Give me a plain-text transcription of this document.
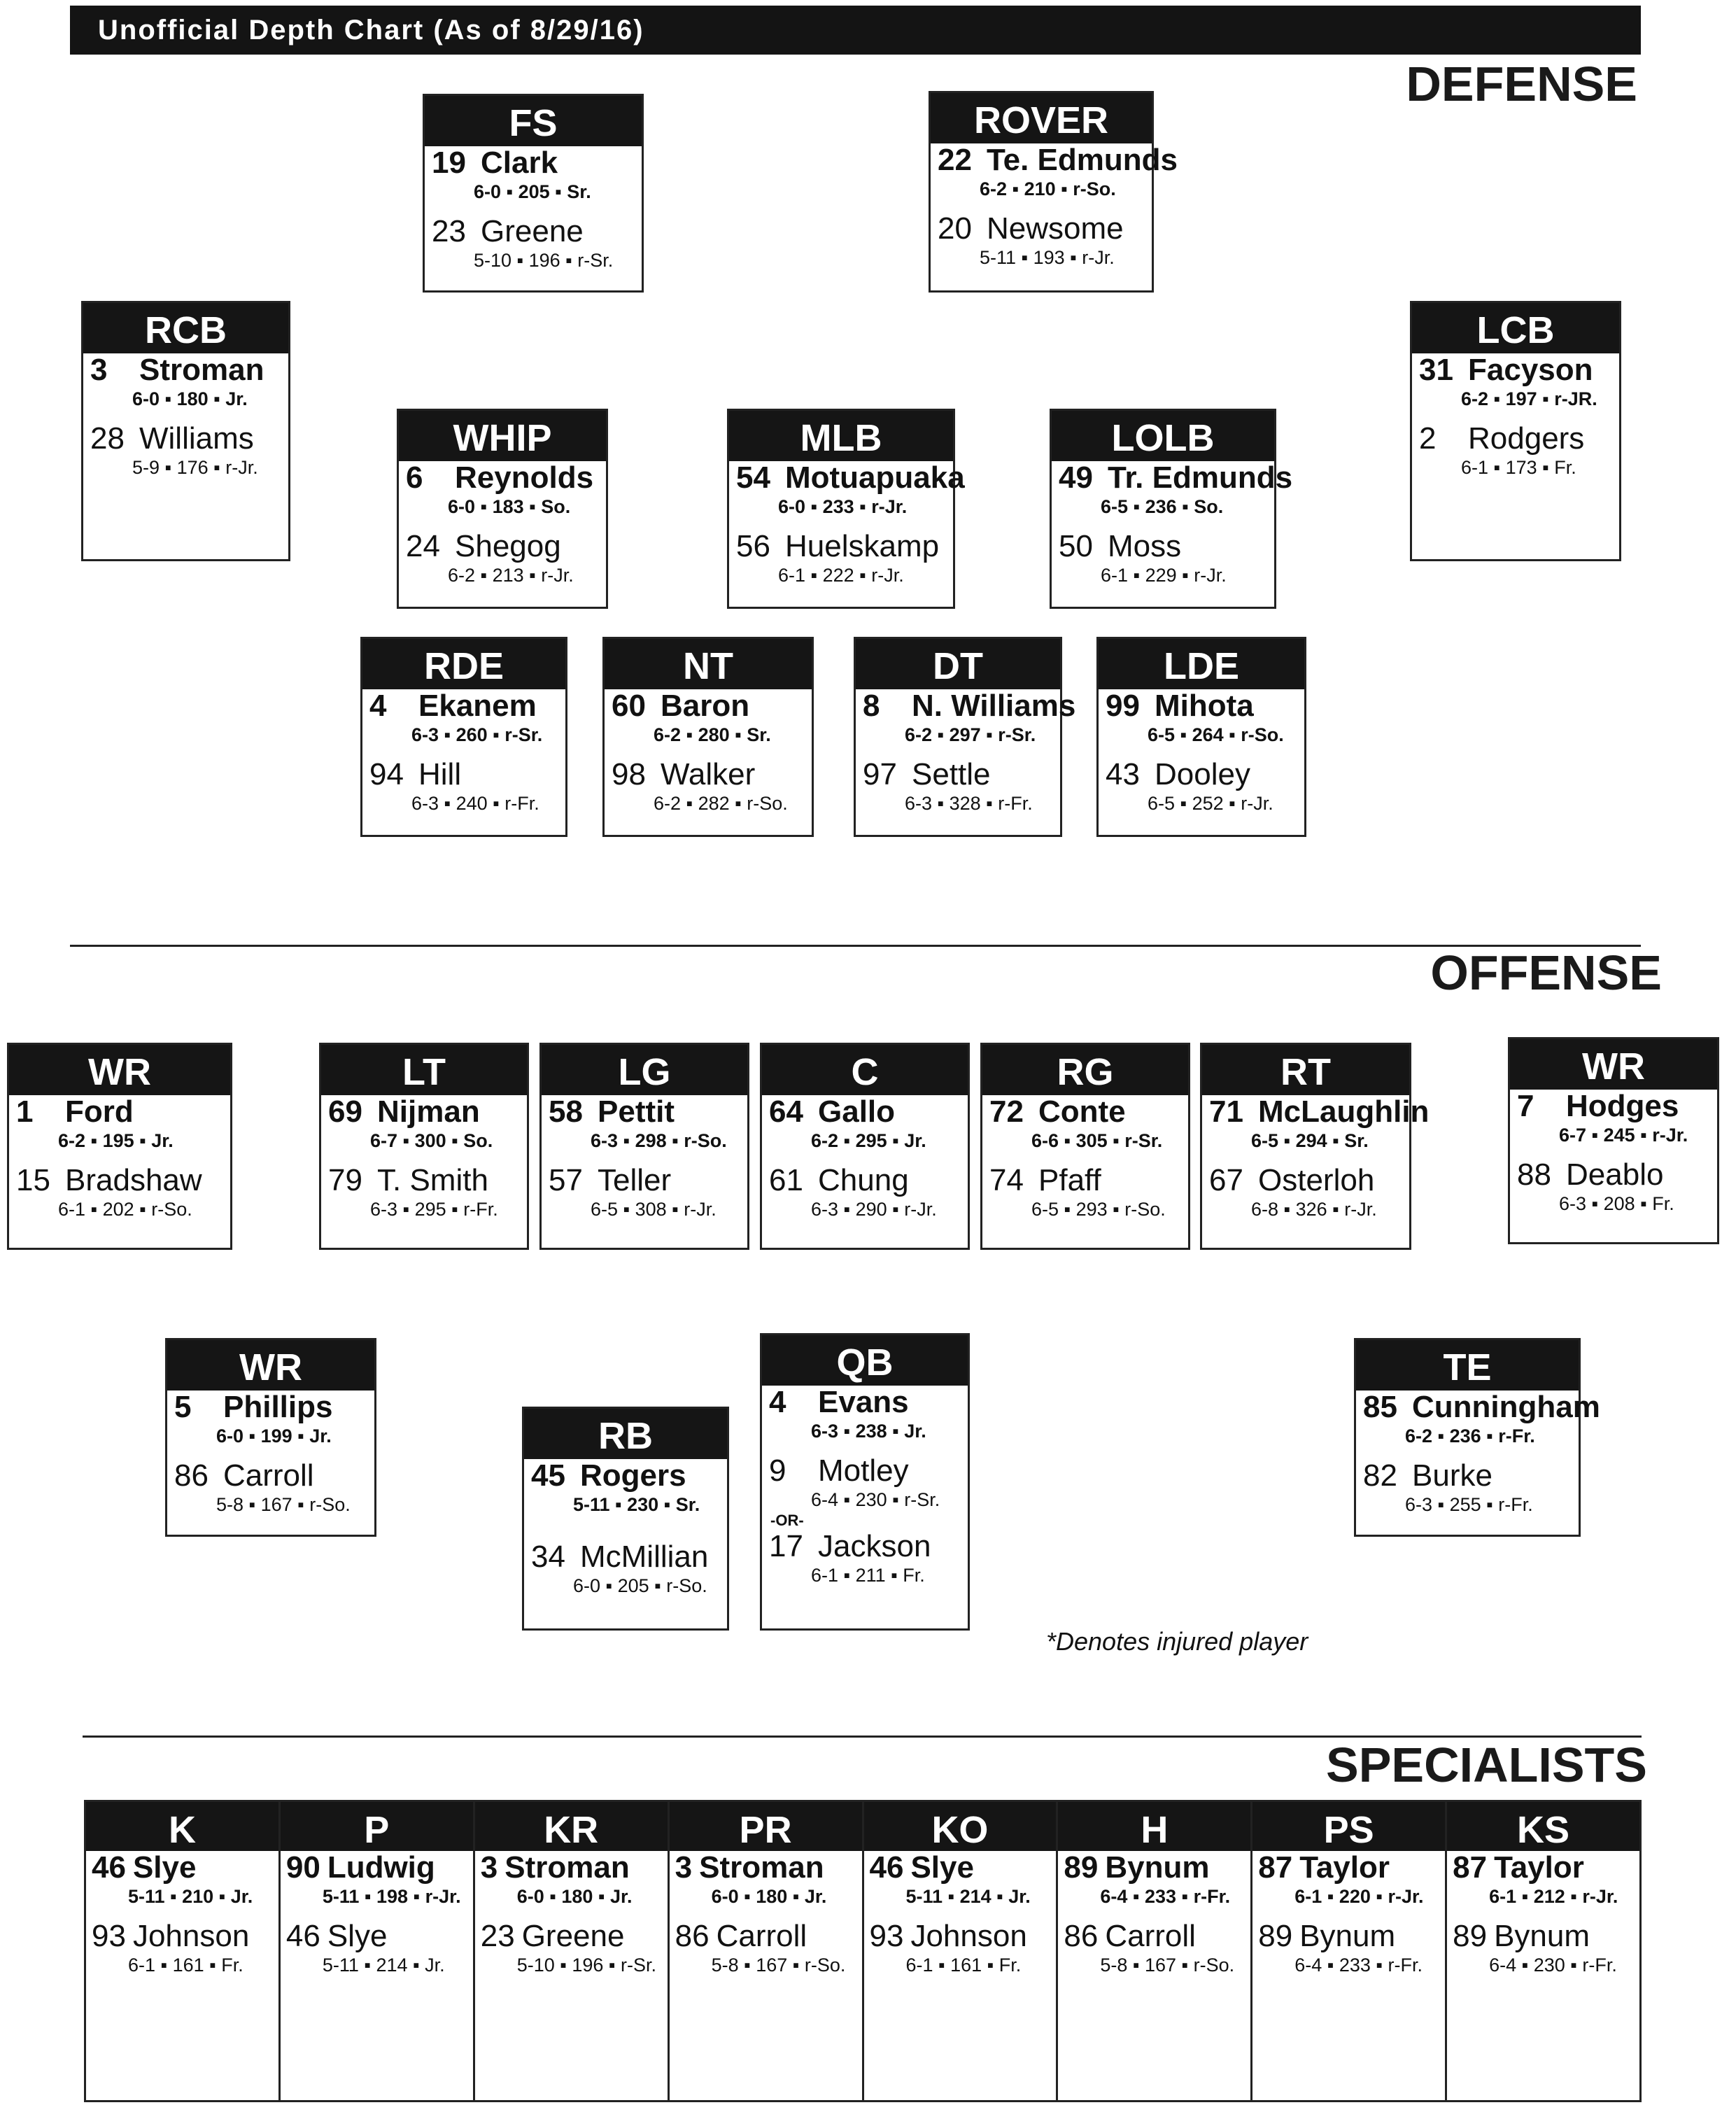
Unofficial Depth Chart (As of 8/29/16)
DEFENSE
FS
19 Clark
6-0 ▪ 205 ▪ Sr.
23 Greene
5-10 ▪ 196 ▪ r-Sr.
ROVER
22 Te. Edmunds
6-2 ▪ 210 ▪ r-So.
20 Newsome
5-11 ▪ 193 ▪ r-Jr.
RCB
3 Stroman
6-0 ▪ 180 ▪ Jr.
28 Williams
5-9 ▪ 176 ▪ r-Jr.
LCB
31 Facyson
6-2 ▪ 197 ▪ r-JR.
2 Rodgers
6-1 ▪ 173 ▪ Fr.
WHIP
6 Reynolds
6-0 ▪ 183 ▪ So.
24 Shegog
6-2 ▪ 213 ▪ r-Jr.
MLB
54 Motuapuaka
6-0 ▪ 233 ▪ r-Jr.
56 Huelskamp
6-1 ▪ 222 ▪ r-Jr.
LOLB
49 Tr. Edmunds
6-5 ▪ 236 ▪ So.
50 Moss
6-1 ▪ 229 ▪ r-Jr.
RDE
4 Ekanem
6-3 ▪ 260 ▪ r-Sr.
94 Hill
6-3 ▪ 240 ▪ r-Fr.
NT
60 Baron
6-2 ▪ 280 ▪ Sr.
98 Walker
6-2 ▪ 282 ▪ r-So.
DT
8 N. Williams
6-2 ▪ 297 ▪ r-Sr.
97 Settle
6-3 ▪ 328 ▪ r-Fr.
LDE
99 Mihota
6-5 ▪ 264 ▪ r-So.
43 Dooley
6-5 ▪ 252 ▪ r-Jr.
OFFENSE
WR
1 Ford
6-2 ▪ 195 ▪ Jr.
15 Bradshaw
6-1 ▪ 202 ▪ r-So.
LT
69 Nijman
6-7 ▪ 300 ▪ So.
79 T. Smith
6-3 ▪ 295 ▪ r-Fr.
LG
58 Pettit
6-3 ▪ 298 ▪ r-So.
57 Teller
6-5 ▪ 308 ▪ r-Jr.
C
64 Gallo
6-2 ▪ 295 ▪ Jr.
61 Chung
6-3 ▪ 290 ▪ r-Jr.
RG
72 Conte
6-6 ▪ 305 ▪ r-Sr.
74 Pfaff
6-5 ▪ 293 ▪ r-So.
RT
71 McLaughlin
6-5 ▪ 294 ▪ Sr.
67 Osterloh
6-8 ▪ 326 ▪ r-Jr.
WR
7 Hodges
6-7 ▪ 245 ▪ r-Jr.
88 Deablo
6-3 ▪ 208 ▪ Fr.
WR
5 Phillips
6-0 ▪ 199 ▪ Jr.
86 Carroll
5-8 ▪ 167 ▪ r-So.
RB
45 Rogers
5-11 ▪ 230 ▪ Sr.
34 McMillian
6-0 ▪ 205 ▪ r-So.
QB
4 Evans
6-3 ▪ 238 ▪ Jr.
9 Motley
6-4 ▪ 230 ▪ r-Sr.
-OR-
17 Jackson
6-1 ▪ 211 ▪ Fr.
TE
85 Cunningham
6-2 ▪ 236 ▪ r-Fr.
82 Burke
6-3 ▪ 255 ▪ r-Fr.
*Denotes injured player
SPECIALISTS
K
46 Slye
5-11 ▪ 210 ▪ Jr.
93 Johnson
6-1 ▪ 161 ▪ Fr.
P
90 Ludwig
5-11 ▪ 198 ▪ r-Jr.
46 Slye
5-11 ▪ 214 ▪ Jr.
KR
3 Stroman
6-0 ▪ 180 ▪ Jr.
23 Greene
5-10 ▪ 196 ▪ r-Sr.
PR
3 Stroman
6-0 ▪ 180 ▪ Jr.
86 Carroll
5-8 ▪ 167 ▪ r-So.
KO
46 Slye
5-11 ▪ 214 ▪ Jr.
93 Johnson
6-1 ▪ 161 ▪ Fr.
H
89 Bynum
6-4 ▪ 233 ▪ r-Fr.
86 Carroll
5-8 ▪ 167 ▪ r-So.
PS
87 Taylor
6-1 ▪ 220 ▪ r-Jr.
89 Bynum
6-4 ▪ 233 ▪ r-Fr.
KS
87 Taylor
6-1 ▪ 212 ▪ r-Jr.
89 Bynum
6-4 ▪ 230 ▪ r-Fr.
